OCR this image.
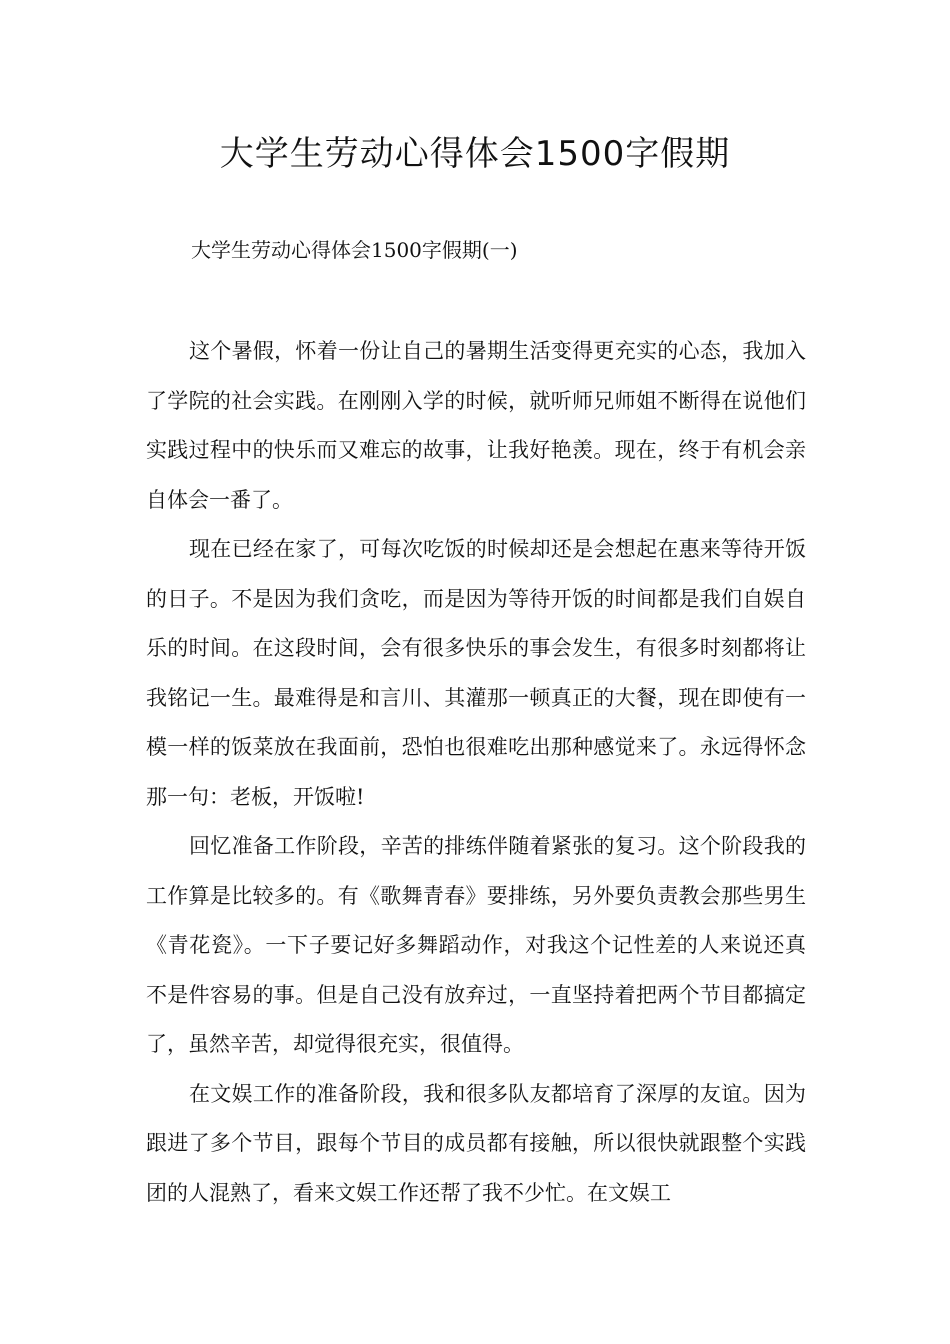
大学生劳动心得体会1500字假期

大学生劳动心得体会1500字假期(一)

这个暑假，怀着一份让自己的暑期生活变得更充实的心态，我加入了学院的社会实践。在刚刚入学的时候，就听师兄师姐不断得在说他们实践过程中的快乐而又难忘的故事，让我好艳羡。现在，终于有机会亲自体会一番了。

现在已经在家了，可每次吃饭的时候却还是会想起在惠来等待开饭的日子。不是因为我们贪吃，而是因为等待开饭的时间都是我们自娱自乐的时间。在这段时间，会有很多快乐的事会发生，有很多时刻都将让我铭记一生。最难得是和言川、其灌那一顿真正的大餐，现在即使有一模一样的饭菜放在我面前，恐怕也很难吃出那种感觉来了。永远得怀念那一句：老板，开饭啦!

回忆准备工作阶段，辛苦的排练伴随着紧张的复习。这个阶段我的工作算是比较多的。有《歌舞青春》要排练，另外要负责教会那些男生《青花瓷》。一下子要记好多舞蹈动作，对我这个记性差的人来说还真不是件容易的事。但是自己没有放弃过，一直坚持着把两个节目都搞定了，虽然辛苦，却觉得很充实，很值得。

在文娱工作的准备阶段，我和很多队友都培育了深厚的友谊。因为跟进了多个节目，跟每个节目的成员都有接触，所以很快就跟整个实践团的人混熟了，看来文娱工作还帮了我不少忙。在文娱工
